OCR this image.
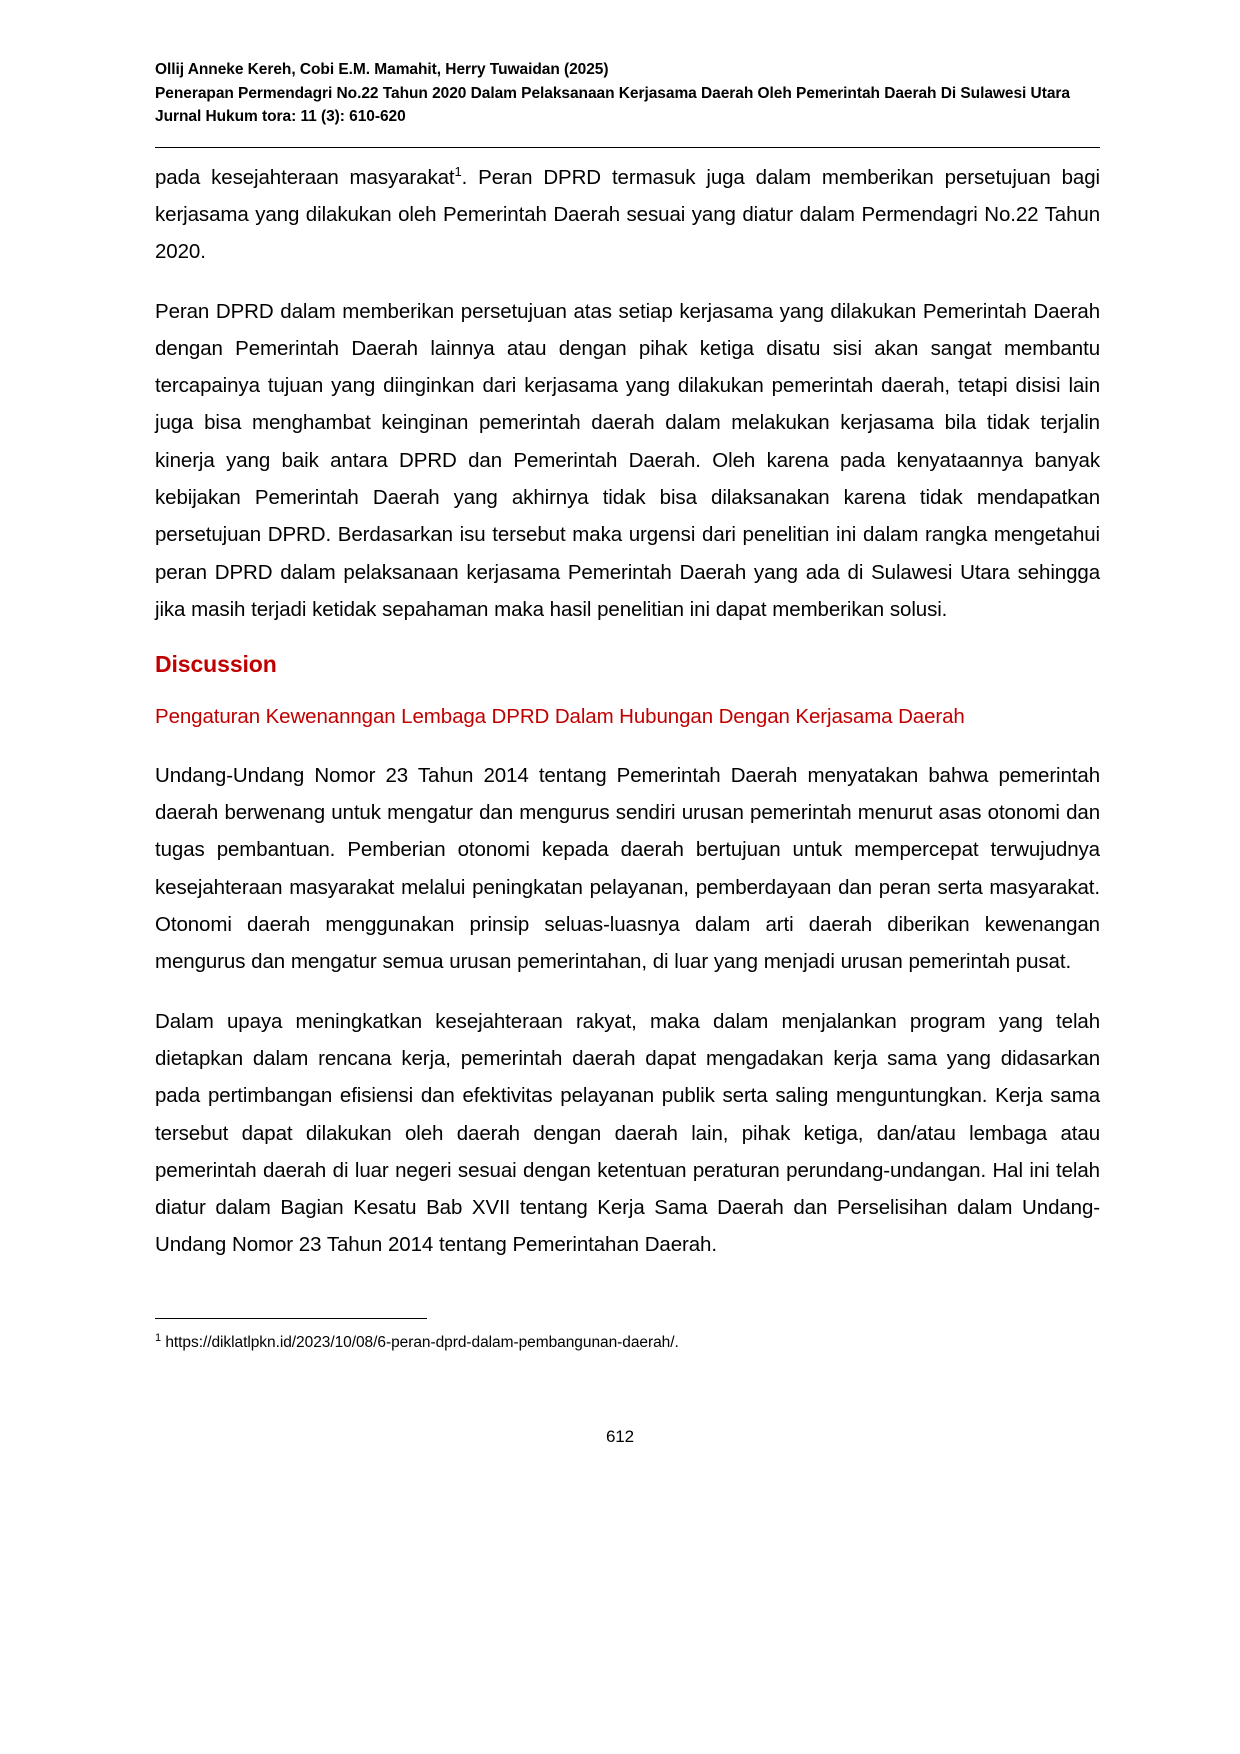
Ollij Anneke Kereh, Cobi E.M. Mamahit, Herry Tuwaidan (2025)
Penerapan Permendagri No.22 Tahun 2020 Dalam Pelaksanaan Kerjasama Daerah Oleh Pemerintah Daerah Di Sulawesi Utara
Jurnal Hukum tora: 11 (3): 610-620

pada kesejahteraan masyarakat$^1$. Peran DPRD termasuk juga dalam memberikan persetujuan bagi kerjasama yang dilakukan oleh Pemerintah Daerah sesuai yang diatur dalam Permendagri No.22 Tahun 2020.

Peran DPRD dalam memberikan persetujuan atas setiap kerjasama yang dilakukan Pemerintah Daerah dengan Pemerintah Daerah lainnya atau dengan pihak ketiga disatu sisi akan sangat membantu tercapainya tujuan yang diinginkan dari kerjasama yang dilakukan pemerintah daerah, tetapi disisi lain juga bisa menghambat keinginan pemerintah daerah dalam melakukan kerjasama bila tidak terjalin kinerja yang baik antara DPRD dan Pemerintah Daerah. Oleh karena pada kenyataannya banyak kebijakan Pemerintah Daerah yang akhirnya tidak bisa dilaksanakan karena tidak mendapatkan persetujuan DPRD. Berdasarkan isu tersebut maka urgensi dari penelitian ini dalam rangka mengetahui peran DPRD dalam pelaksanaan kerjasama Pemerintah Daerah yang ada di Sulawesi Utara sehingga jika masih terjadi ketidak sepahaman maka hasil penelitian ini dapat memberikan solusi.

Discussion
Pengaturan Kewenanngan Lembaga DPRD Dalam Hubungan Dengan Kerjasama Daerah

Undang-Undang Nomor 23 Tahun 2014 tentang Pemerintah Daerah menyatakan bahwa pemerintah daerah berwenang untuk mengatur dan mengurus sendiri urusan pemerintah menurut asas otonomi dan tugas pembantuan. Pemberian otonomi kepada daerah bertujuan untuk mempercepat terwujudnya kesejahteraan masyarakat melalui peningkatan pelayanan, pemberdayaan dan peran serta masyarakat. Otonomi daerah menggunakan prinsip seluas-luasnya dalam arti daerah diberikan kewenangan mengurus dan mengatur semua urusan pemerintahan, di luar yang menjadi urusan pemerintah pusat.

Dalam upaya meningkatkan kesejahteraan rakyat, maka dalam menjalankan program yang telah dietapkan dalam rencana kerja, pemerintah daerah dapat mengadakan kerja sama yang didasarkan pada pertimbangan efisiensi dan efektivitas pelayanan publik serta saling menguntungkan. Kerja sama tersebut dapat dilakukan oleh daerah dengan daerah lain, pihak ketiga, dan/atau lembaga atau pemerintah daerah di luar negeri sesuai dengan ketentuan peraturan perundang-undangan. Hal ini telah diatur dalam Bagian Kesatu Bab XVII tentang Kerja Sama Daerah dan Perselisihan dalam Undang-Undang Nomor 23 Tahun 2014 tentang Pemerintahan Daerah.

$^1$ https://diklatlpkn.id/2023/10/08/6-peran-dprd-dalam-pembangunan-daerah/.
612
